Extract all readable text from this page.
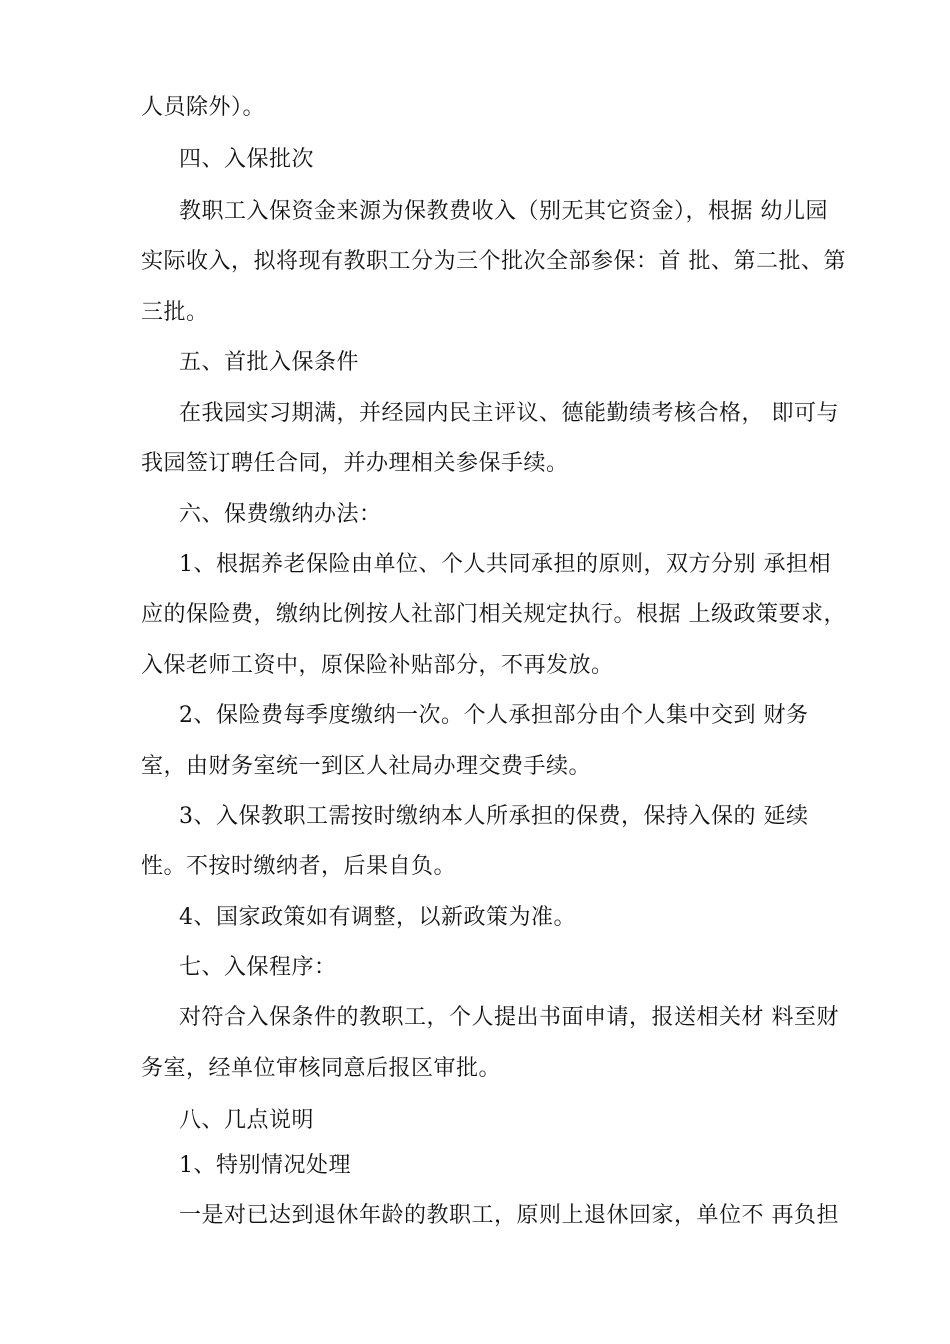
人员除外）。
四、入保批次
教职工入保资金来源为保教费收入（别无其它资金），根据 幼儿园
实际收入，拟将现有教职工分为三个批次全部参保：首 批、第二批、第
三批。
五、首批入保条件
在我园实习期满，并经园内民主评议、德能勤绩考核合格， 即可与
我园签订聘任合同，并办理相关参保手续。
六、保费缴纳办法：
1、根据养老保险由单位、个人共同承担的原则，双方分别 承担相
应的保险费，缴纳比例按人社部门相关规定执行。根据 上级政策要求，
入保老师工资中，原保险补贴部分，不再发放。
2、保险费每季度缴纳一次。个人承担部分由个人集中交到 财务
室，由财务室统一到区人社局办理交费手续。
3、入保教职工需按时缴纳本人所承担的保费，保持入保的 延续
性。不按时缴纳者，后果自负。
4、国家政策如有调整，以新政策为准。
七、入保程序：
对符合入保条件的教职工，个人提出书面申请，报送相关材 料至财
务室，经单位审核同意后报区审批。
八、几点说明
1、特别情况处理
一是对已达到退休年龄的教职工，原则上退休回家，单位不 再负担
